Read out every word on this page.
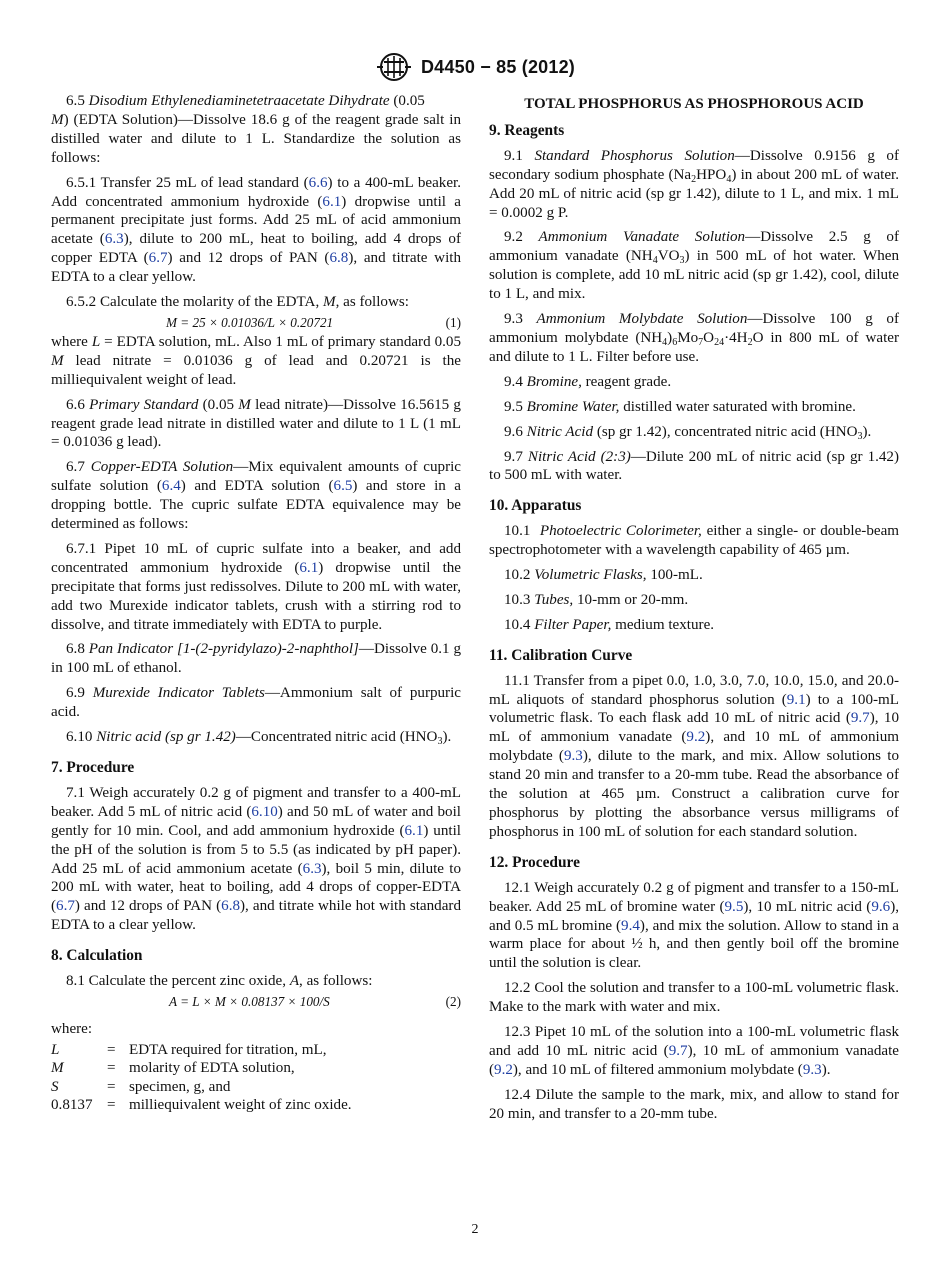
D4450 − 85 (2012)

6.5 Disodium Ethylenediaminetetraacetate Dihydrate (0.05
M) (EDTA Solution)—Dissolve 18.6 g of the reagent grade salt in distilled water and dilute to 1 L. Standardize the solution as follows:

6.5.1 Transfer 25 mL of lead standard (6.6) to a 400-mL beaker. Add concentrated ammonium hydroxide (6.1) dropwise until a permanent precipitate just forms. Add 25 mL of acid ammonium acetate (6.3), dilute to 200 mL, heat to boiling, add 4 drops of copper EDTA (6.7) and 12 drops of PAN (6.8), and titrate with EDTA to a clear yellow.

6.5.2 Calculate the molarity of the EDTA, M, as follows:

M = 25 × 0.01036/L × 0.20721	(1)

where L = EDTA solution, mL. Also 1 mL of primary standard 0.05 M lead nitrate = 0.01036 g of lead and 0.20721 is the milliequivalent weight of lead.

6.6 Primary Standard (0.05 M lead nitrate)—Dissolve 16.5615 g reagent grade lead nitrate in distilled water and dilute to 1 L (1 mL = 0.01036 g lead).

6.7 Copper-EDTA Solution—Mix equivalent amounts of cupric sulfate solution (6.4) and EDTA solution (6.5) and store in a dropping bottle. The cupric sulfate EDTA equivalence may be determined as follows:

6.7.1 Pipet 10 mL of cupric sulfate into a beaker, and add concentrated ammonium hydroxide (6.1) dropwise until the precipitate that forms just redissolves. Dilute to 200 mL with water, add two Murexide indicator tablets, crush with a stirring rod to dissolve, and titrate immediately with EDTA to purple.

6.8 Pan Indicator [1-(2-pyridylazo)-2-naphthol]—Dissolve 0.1 g in 100 mL of ethanol.

6.9 Murexide Indicator Tablets—Ammonium salt of purpuric acid.

6.10 Nitric acid (sp gr 1.42)—Concentrated nitric acid $(HNO_3)$.

7. Procedure

7.1 Weigh accurately 0.2 g of pigment and transfer to a 400-mL beaker. Add 5 mL of nitric acid (6.10) and 50 mL of water and boil gently for 10 min. Cool, and add ammonium hydroxide (6.1) until the pH of the solution is from 5 to 5.5 (as indicated by pH paper). Add 25 mL of acid ammonium acetate (6.3), boil 5 min, dilute to 200 mL with water, heat to boiling, add 4 drops of copper-EDTA (6.7) and 12 drops of PAN (6.8), and titrate while hot with standard EDTA to a clear yellow.

8. Calculation

8.1 Calculate the percent zinc oxide, A, as follows:

A = L × M × 0.08137 × 100/S	(2)

where:

L	=	EDTA required for titration, mL,
M	=	molarity of EDTA solution,
S	=	specimen, g, and
0.8137	=	milliequivalent weight of zinc oxide.
TOTAL PHOSPHORUS AS PHOSPHOROUS ACID
9. Reagents

9.1 Standard Phosphorus Solution—Dissolve 0.9156 g of secondary sodium phosphate $(Na_2HPO_4)$ in about 200 mL of water. Add 20 mL of nitric acid (sp gr 1.42), dilute to 1 L, and mix. 1 mL = 0.0002 g P.

9.2 Ammonium Vanadate Solution—Dissolve 2.5 g of ammonium vanadate $(NH_4VO_3)$ in 500 mL of hot water. When solution is complete, add 10 mL nitric acid (sp gr 1.42), cool, dilute to 1 L, and mix.

9.3 Ammonium Molybdate Solution—Dissolve 100 g of ammonium molybdate $(NH_4)_6Mo_7O_{24}\cdot 4H_2O$ in 800 mL of water and dilute to 1 L. Filter before use.

9.4 Bromine, reagent grade.

9.5 Bromine Water, distilled water saturated with bromine.

9.6 Nitric Acid (sp gr 1.42), concentrated nitric acid $(HNO_3)$.

9.7 Nitric Acid (2:3)—Dilute 200 mL of nitric acid (sp gr 1.42) to 500 mL with water.

10. Apparatus

10.1 Photoelectric Colorimeter, either a single- or double-beam spectrophotometer with a wavelength capability of 465 µm.

10.2 Volumetric Flasks, 100-mL.

10.3 Tubes, 10-mm or 20-mm.

10.4 Filter Paper, medium texture.

11. Calibration Curve

11.1 Transfer from a pipet 0.0, 1.0, 3.0, 7.0, 10.0, 15.0, and 20.0-mL aliquots of standard phosphorus solution (9.1) to a 100-mL volumetric flask. To each flask add 10 mL of nitric acid (9.7), 10 mL of ammonium vanadate (9.2), and 10 mL of ammonium molybdate (9.3), dilute to the mark, and mix. Allow solutions to stand 20 min and transfer to a 20-mm tube. Read the absorbance of the solution at 465 µm. Construct a calibration curve for phosphorus by plotting the absorbance versus milligrams of phosphorus in 100 mL of solution for each standard solution.

12. Procedure

12.1 Weigh accurately 0.2 g of pigment and transfer to a 150-mL beaker. Add 25 mL of bromine water (9.5), 10 mL nitric acid (9.6), and 0.5 mL bromine (9.4), and mix the solution. Allow to stand in a warm place for about ½ h, and then gently boil off the bromine until the solution is clear.

12.2 Cool the solution and transfer to a 100-mL volumetric flask. Make to the mark with water and mix.

12.3 Pipet 10 mL of the solution into a 100-mL volumetric flask and add 10 mL nitric acid (9.7), 10 mL of ammonium vanadate (9.2), and 10 mL of filtered ammonium molybdate (9.3).

12.4 Dilute the sample to the mark, mix, and allow to stand for 20 min, and transfer to a 20-mm tube.

2
